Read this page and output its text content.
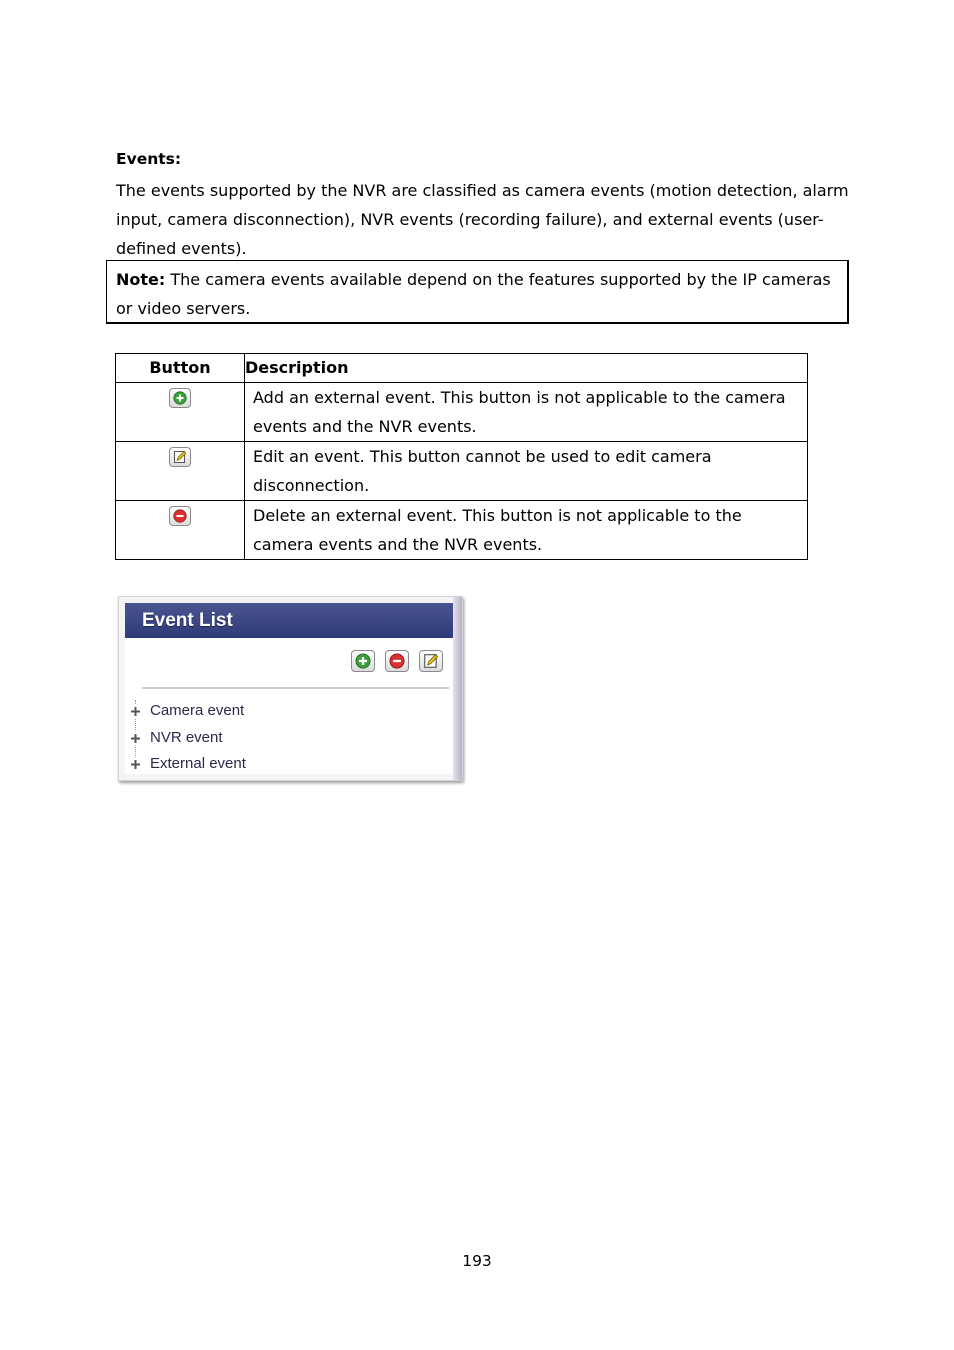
Events:
The events supported by the NVR are classified as camera events (motion detection, alarm input, camera disconnection), NVR events (recording failure), and external events (user-defined events).
Note: The camera events available depend on the features supported by the IP cameras or video servers.
Button	Description

	Add an external event. This button is not applicable to the camera events and the NVR events.

	Edit an event. This button cannot be used to edit camera disconnection.

	Delete an external event. This button is not applicable to the camera events and the NVR events.
Event List
Camera event
NVR event
External event
193
